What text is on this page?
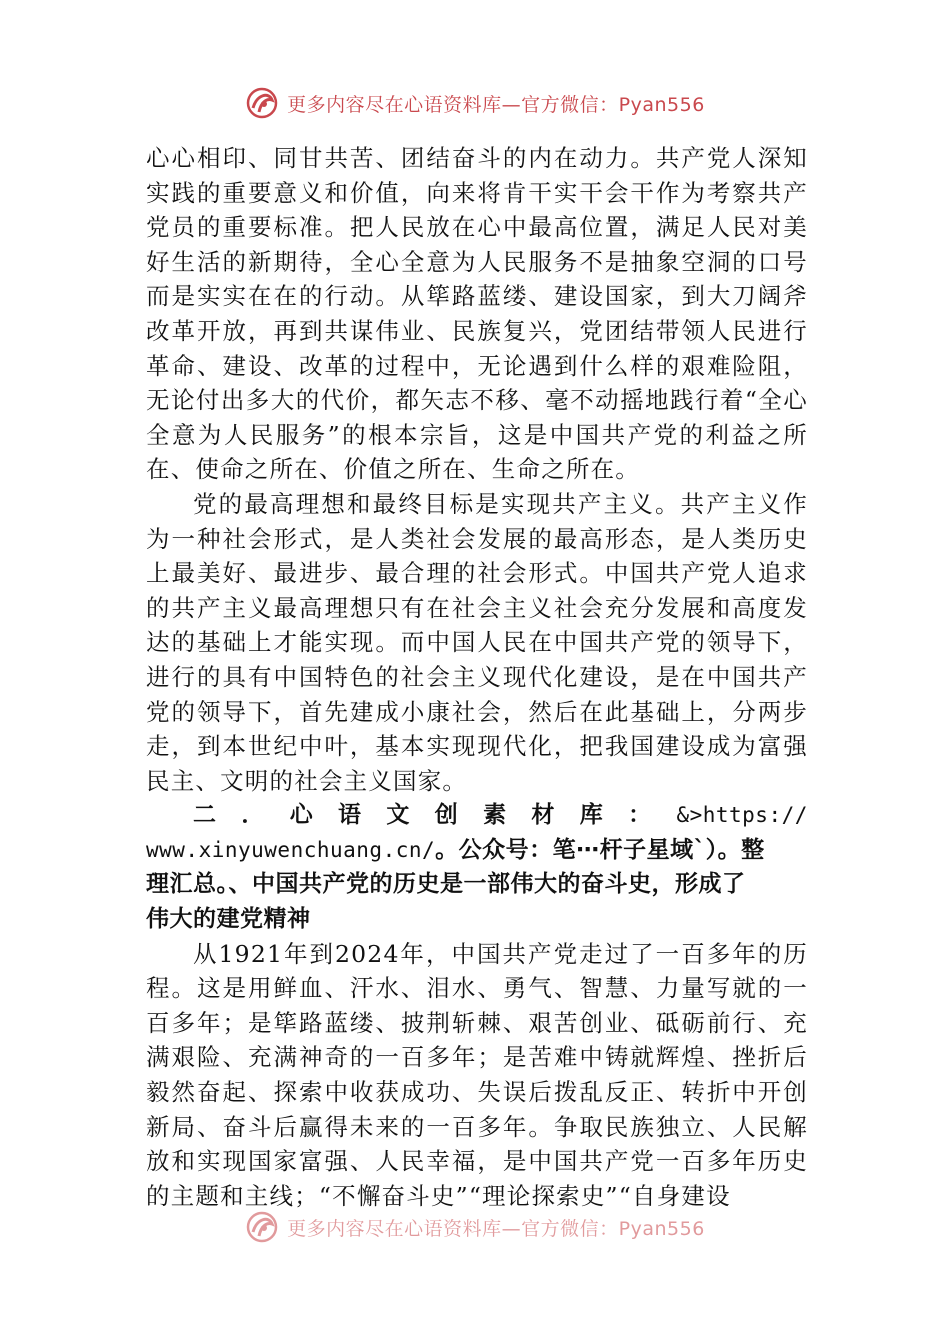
更多内容尽在心语资料库—官方微信：Pyan556

心心相印、同甘共苦、团结奋斗的内在动力。共产党人深知实践的重要意义和价值，向来将肯干实干会干作为考察共产党员的重要标准。把人民放在心中最高位置，满足人民对美好生活的新期待，全心全意为人民服务不是抽象空洞的口号而是实实在在的行动。从筚路蓝缕、建设国家，到大刀阔斧改革开放，再到共谋伟业、民族复兴，党团结带领人民进行革命、建设、改革的过程中，无论遇到什么样的艰难险阻，无论付出多大的代价，都矢志不移、毫不动摇地践行着“全心全意为人民服务”的根本宗旨，这是中国共产党的利益之所在、使命之所在、价值之所在、生命之所在。

党的最高理想和最终目标是实现共产主义。共产主义作为一种社会形式，是人类社会发展的最高形态，是人类历史上最美好、最进步、最合理的社会形式。中国共产党人追求的共产主义最高理想只有在社会主义社会充分发展和高度发达的基础上才能实现。而中国人民在中国共产党的领导下，进行的具有中国特色的社会主义现代化建设，是在中国共产党的领导下，首先建成小康社会，然后在此基础上，分两步走，到本世纪中叶，基本实现现代化，把我国建设成为富强民主、文明的社会主义国家。

二 ． 心 语 文 创 素 材 库 ： &>https://
www.xinyuwenchuang.cn/。公众号：笔⋯杆子星域`）。整
理汇总。、中国共产党的历史是一部伟大的奋斗史，形成了
伟大的建党精神

从1921年到2024年，中国共产党走过了一百多年的历程。这是用鲜血、汗水、泪水、勇气、智慧、力量写就的一百多年；是筚路蓝缕、披荆斩棘、艰苦创业、砥砺前行、充满艰险、充满神奇的一百多年；是苦难中铸就辉煌、挫折后毅然奋起、探索中收获成功、失误后拨乱反正、转折中开创新局、奋斗后赢得未来的一百多年。争取民族独立、人民解放和实现国家富强、人民幸福，是中国共产党一百多年历史的主题和主线；“不懈奋斗史”“理论探索史”“自身建设

更多内容尽在心语资料库—官方微信：Pyan556
